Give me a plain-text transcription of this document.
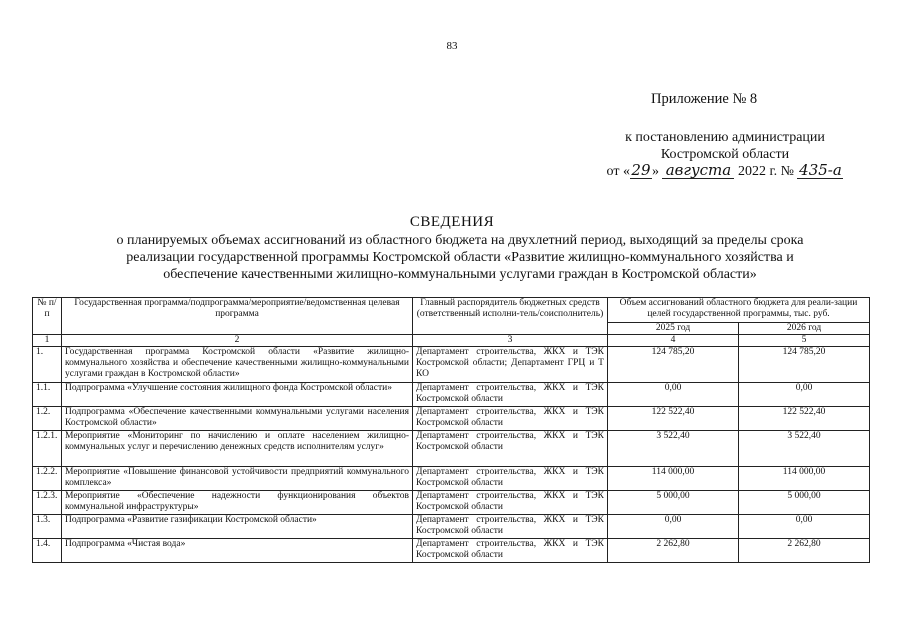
83
Приложение № 8
к постановлению администрации
Костромской области
от «29» августа 2022 г. № 435-а
СВЕДЕНИЯ
о планируемых объемах ассигнований из областного бюджета на двухлетний период, выходящий за пределы срока
реализации государственной программы Костромской области «Развитие жилищно-коммунального хозяйства и
обеспечение качественными жилищно-коммунальными услугами граждан в Костромской области»
№ п/п	Государственная программа/подпрограмма/мероприятие/ведомственная целевая программа	Главный распорядитель бюджетных средств (ответственный исполни-тель/соисполнитель)	Объем ассигнований областного бюджета для реали-зации целей государственной программы, тыс. руб.	
			2025 год	2026 год
1	2	3	4	5
1.	Государственная программа Костромской области «Развитие жилищно-коммунального хозяйства и обеспечение качественными жилищно-коммунальными услугами граждан в Костромской области»	Департамент строительства, ЖКХ и ТЭК Костромской области; Департамент ГРЦ и Т КО	124 785,20	124 785,20
1.1.	Подпрограмма «Улучшение состояния жилищного фонда Костромской области»	Департамент строительства, ЖКХ и ТЭК Костромской области	0,00	0,00
1.2.	Подпрограмма «Обеспечение качественными коммунальными услугами населения Костромской области»	Департамент строительства, ЖКХ и ТЭК Костромской области	122 522,40	122 522,40
1.2.1.	Мероприятие «Мониторинг по начислению и оплате населением жилищно-коммунальных услуг и перечислению денежных средств исполнителям услуг»	Департамент строительства, ЖКХ и ТЭК Костромской области	3 522,40	3 522,40
1.2.2.	Мероприятие «Повышение финансовой устойчивости предприятий коммунального комплекса»	Департамент строительства, ЖКХ и ТЭК Костромской области	114 000,00	114 000,00
1.2.3.	Мероприятие «Обеспечение надежности функционирования объектов коммунальной инфраструктуры»	Департамент строительства, ЖКХ и ТЭК Костромской области	5 000,00	5 000,00
1.3.	Подпрограмма «Развитие газификации Костромской области»	Департамент строительства, ЖКХ и ТЭК Костромской области	0,00	0,00
1.4.	Подпрограмма «Чистая вода»	Департамент строительства, ЖКХ и ТЭК Костромской области	2 262,80	2 262,80
